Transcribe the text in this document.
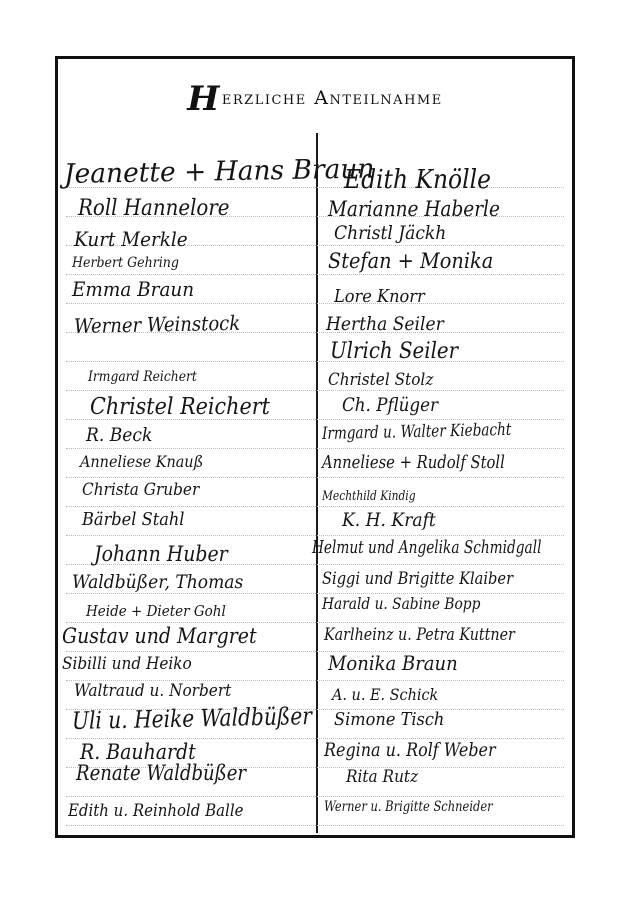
Herzliche Anteilnahme
Jeanette + Hans Braun
Roll Hannelore
Kurt Merkle
Herbert Gehring
Emma Braun
Werner Weinstock
Irmgard Reichert
Christel Reichert
R. Beck
Anneliese Knauß
Christa Gruber
Bärbel Stahl
Johann Huber
Waldbüßer, Thomas
Heide + Dieter Gohl
Gustav und Margret
Sibilli und Heiko
Waltraud u. Norbert
Uli u. Heike Waldbüßer
R. Bauhardt
Renate Waldbüßer
Edith u. Reinhold Balle
Edith Knölle
Marianne Haberle
Christl Jäckh
Stefan + Monika
Lore Knorr
Hertha Seiler
Ulrich Seiler
Christel Stolz
Ch. Pflüger
Irmgard u. Walter Kiebacht
Anneliese + Rudolf Stoll
Mechthild Kindig
K. H. Kraft
Helmut und Angelika Schmidgall
Siggi und Brigitte Klaiber
Harald u. Sabine Bopp
Karlheinz u. Petra Kuttner
Monika Braun
A. u. E. Schick
Simone Tisch
Regina u. Rolf Weber
Rita Rutz
Werner u. Brigitte Schneider
